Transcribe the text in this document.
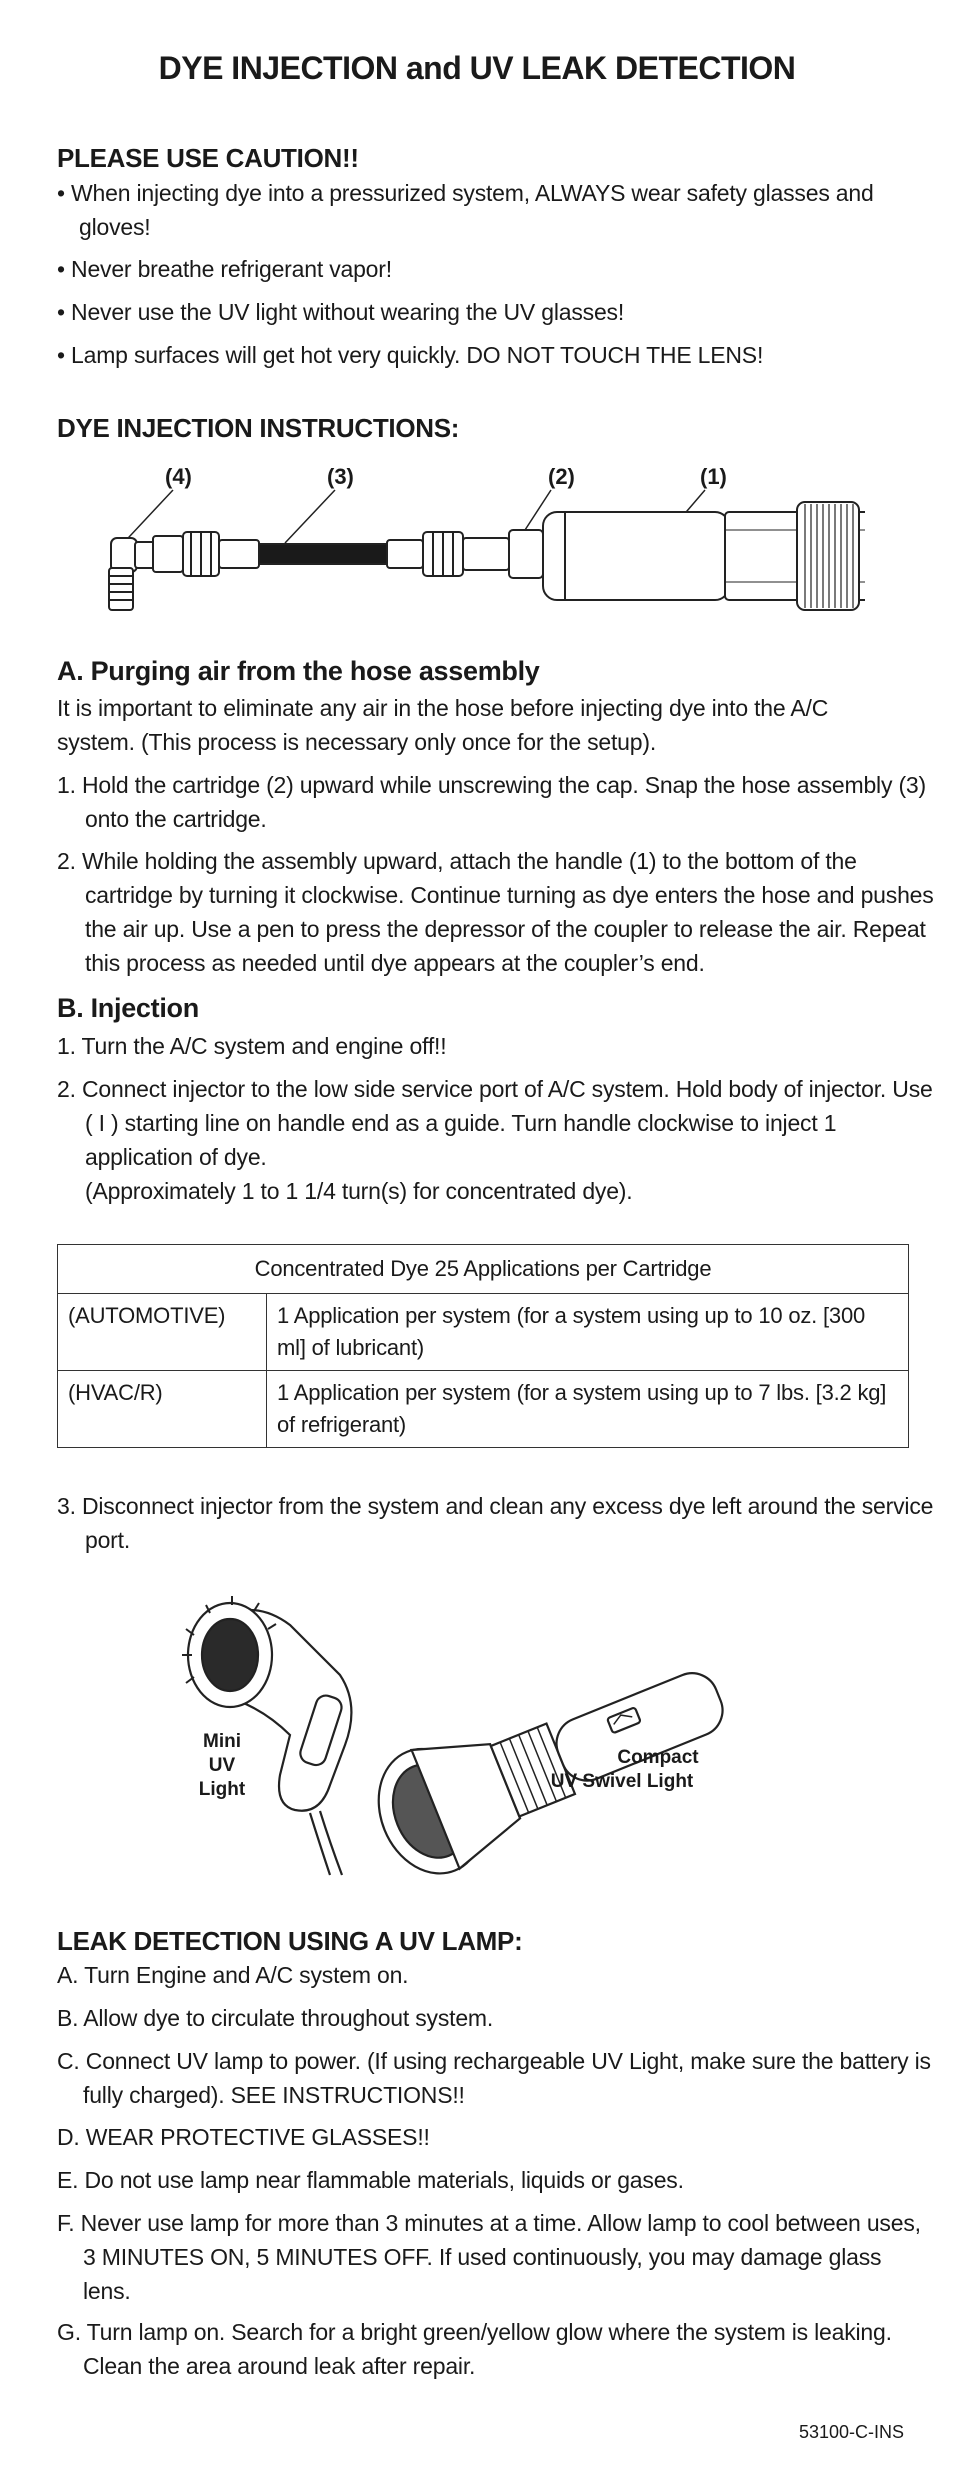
DYE INJECTION and UV LEAK DETECTION
PLEASE USE CAUTION!!
• When injecting dye into a pressurized system, ALWAYS wear safety glasses and gloves!
• Never breathe refrigerant vapor!
• Never use the UV light without wearing the UV glasses!
• Lamp surfaces will get hot very quickly. DO NOT TOUCH THE LENS!
DYE INJECTION INSTRUCTIONS:
(4)	(3)	(2)	(1)
A. Purging air from the hose assembly
It is important to eliminate any air in the hose before injecting dye into the A/C system. (This process is necessary only once for the setup).
1. Hold the cartridge (2) upward while unscrewing the cap. Snap the hose assembly (3) onto the cartridge.
2. While holding the assembly upward, attach the handle (1) to the bottom of the cartridge by turning it clockwise. Continue turning as dye enters the hose and pushes the air up. Use a pen to press the depressor of the coupler to release the air. Repeat this process as needed until dye appears at the coupler’s end.
B. Injection
1. Turn the A/C system and engine off!!
2. Connect injector to the low side service port of A/C system. Hold body of injector. Use ( I ) starting line on handle end as a guide. Turn handle clockwise to inject 1 application of dye.
(Approximately 1 to 1 1/4 turn(s) for concentrated dye).
Concentrated Dye 25 Applications per Cartridge	
(AUTOMOTIVE)	1 Application per system (for a system using up to 10 oz. [300 ml] of lubricant)
(HVAC/R)	1 Application per system (for a system using up to 7 lbs. [3.2 kg] of refrigerant)
3. Disconnect injector from the system and clean any excess dye left around the service port.
Mini
UV
Light
Compact
UV Swivel Light
LEAK DETECTION USING A UV LAMP:
A. Turn Engine and A/C system on.
B. Allow dye to circulate throughout system.
C. Connect UV lamp to power. (If using rechargeable UV Light, make sure the battery is fully charged). SEE INSTRUCTIONS!!
D. WEAR PROTECTIVE GLASSES!!
E. Do not use lamp near flammable materials, liquids or gases.
F. Never use lamp for more than 3 minutes at a time. Allow lamp to cool between uses, 3 MINUTES ON, 5 MINUTES OFF. If used continuously, you may damage glass lens.
G. Turn lamp on. Search for a bright green/yellow glow where the system is leaking. Clean the area around leak after repair.
53100-C-INS
